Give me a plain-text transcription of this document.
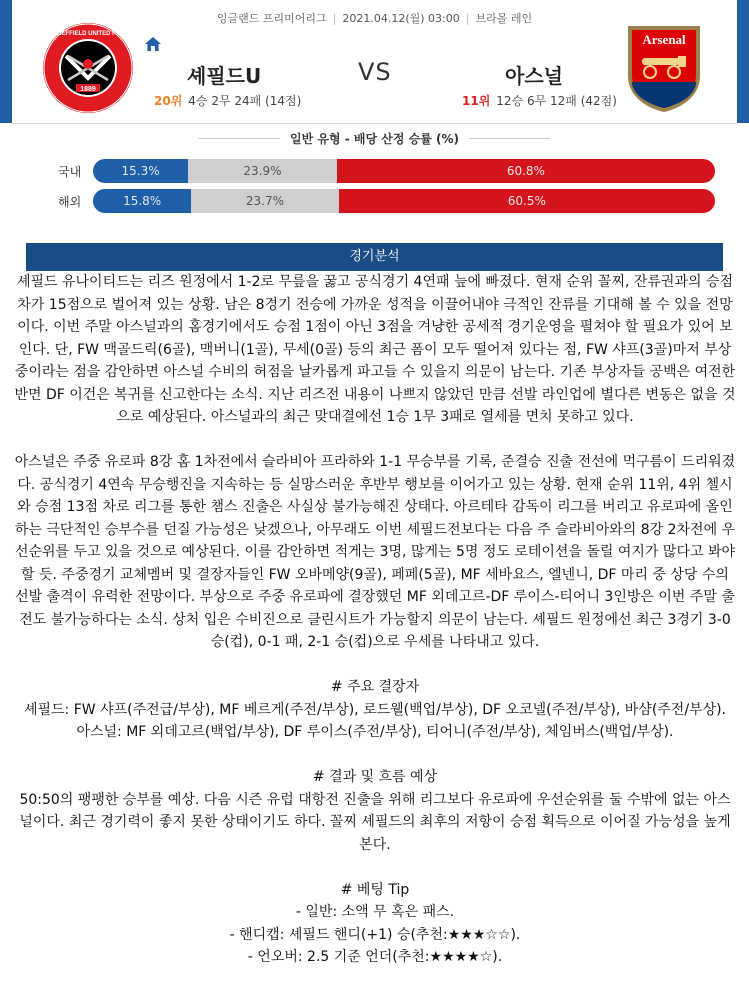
잉글랜드 프리미어리그 | 2021.04.12(월) 03:00 | 브라몰 레인
1889
SHEFFIELD UNITED F.C.
셰필드U	VS	아스널
20위 4승 2무 24패 (14점)	11위 12승 6무 12패 (42점)
Arsenal
일반 유형 - 배당 산정 승률 (%)
국내	15.3%	23.9%	60.8%
해외	15.8%	23.7%	60.5%
경기분석

셰필드 유나이티드는 리즈 원정에서 1-2로 무릎을 꿇고 공식경기 4연패 늪에 빠졌다. 현재 순위 꼴찌, 잔류권과의 승점 차가 15점으로 벌어져 있는 상황. 남은 8경기 전승에 가까운 성적을 이끌어내야 극적인 잔류를 기대해 볼 수 있을 전망이다. 이번 주말 아스널과의 홈경기에서도 승점 1점이 아닌 3점을 겨냥한 공세적 경기운영을 펼쳐야 할 필요가 있어 보인다. 단, FW 맥골드릭(6골), 맥버니(1골), 무세(0골) 등의 최근 폼이 모두 떨어져 있다는 점, FW 샤프(3골)마저 부상 중이라는 점을 감안하면 아스널 수비의 허점을 날카롭게 파고들 수 있을지 의문이 남는다. 기존 부상자들 공백은 여전한 반면 DF 이건은 복귀를 신고한다는 소식. 지난 리즈전 내용이 나쁘지 않았던 만큼 선발 라인업에 별다른 변동은 없을 것으로 예상된다. 아스널과의 최근 맞대결에선 1승 1무 3패로 열세를 면치 못하고 있다.

아스널은 주중 유로파 8강 홈 1차전에서 슬라비아 프라하와 1-1 무승부를 기록, 준결승 진출 전선에 먹구름이 드리워졌다. 공식경기 4연속 무승행진을 지속하는 등 실망스러운 후반부 행보를 이어가고 있는 상황. 현재 순위 11위, 4위 첼시와 승점 13점 차로 리그를 통한 챔스 진출은 사실상 불가능해진 상태다. 아르테타 감독이 리그를 버리고 유로파에 올인하는 극단적인 승부수를 던질 가능성은 낮겠으나, 아무래도 이번 셰필드전보다는 다음 주 슬라비아와의 8강 2차전에 우선순위를 두고 있을 것으로 예상된다. 이를 감안하면 적게는 3명, 많게는 5명 정도 로테이션을 돌릴 여지가 많다고 봐야 할 듯. 주중경기 교체멤버 및 결장자들인 FW 오바메양(9골), 페페(5골), MF 세바요스, 엘넨니, DF 마리 중 상당 수의 선발 출격이 유력한 전망이다. 부상으로 주중 유로파에 결장했던 MF 외데고르-DF 루이스-티어니 3인방은 이번 주말 출전도 불가능하다는 소식. 상처 입은 수비진으로 클린시트가 가능할지 의문이 남는다. 셰필드 원정에선 최근 3경기 3-0 승(컵), 0-1 패, 2-1 승(컵)으로 우세를 나타내고 있다.

# 주요 결장자

셰필드: FW 샤프(주전급/부상), MF 베르게(주전/부상), 로드웰(백업/부상), DF 오코넬(주전/부상), 바샴(주전/부상).

아스널: MF 외데고르(백업/부상), DF 루이스(주전/부상), 티어니(주전/부상), 체임버스(백업/부상).

# 결과 및 흐름 예상

50:50의 팽팽한 승부를 예상. 다음 시즌 유럽 대항전 진출을 위해 리그보다 유로파에 우선순위를 둘 수밖에 없는 아스널이다. 최근 경기력이 좋지 못한 상태이기도 하다. 꼴찌 셰필드의 최후의 저항이 승점 획득으로 이어질 가능성을 높게 본다.

# 베팅 Tip

- 일반: 소액 무 혹은 패스.

- 핸디캡: 셰필드 핸디(+1) 승(추천:★★★☆☆).

- 언오버: 2.5 기준 언더(추천:★★★★☆).
